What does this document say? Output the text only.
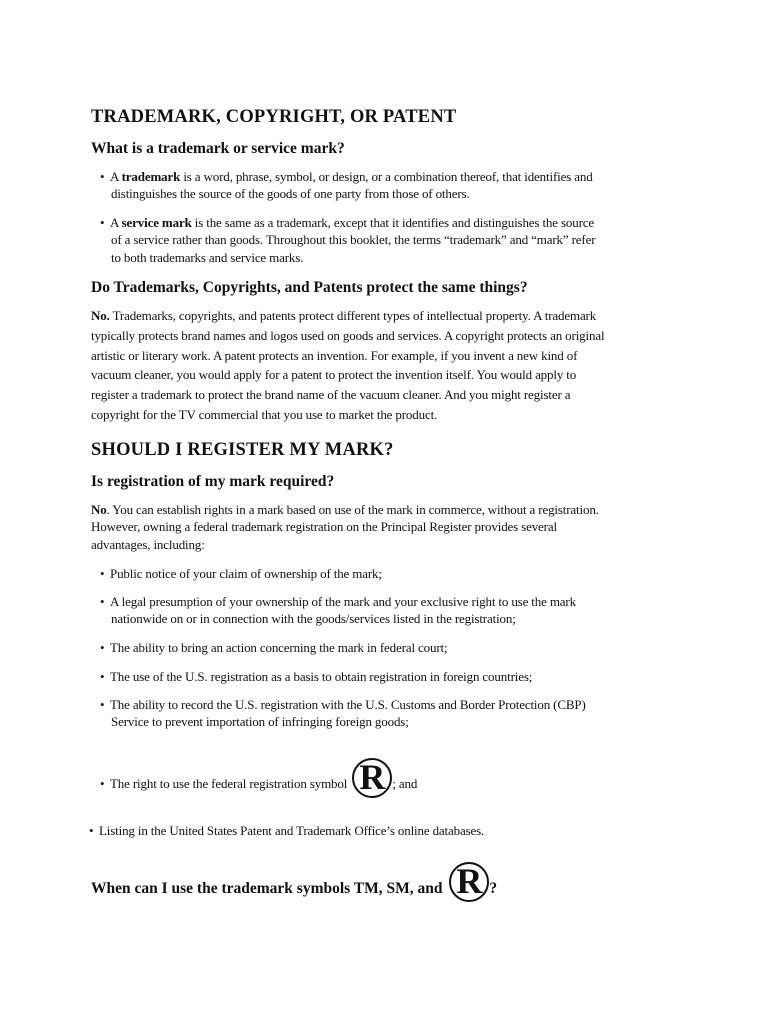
TRADEMARK, COPYRIGHT, OR PATENT
What is a trademark or service mark?
• A trademark is a word, phrase, symbol, or design, or a combination thereof, that identifies and
distinguishes the source of the goods of one party from those of others.
• A service mark is the same as a trademark, except that it identifies and distinguishes the source
of a service rather than goods. Throughout this booklet, the terms “trademark” and “mark” refer
to both trademarks and service marks.
Do Trademarks, Copyrights, and Patents protect the same things?
No. Trademarks, copyrights, and patents protect different types of intellectual property. A trademark
typically protects brand names and logos used on goods and services. A copyright protects an original
artistic or literary work. A patent protects an invention. For example, if you invent a new kind of
vacuum cleaner, you would apply for a patent to protect the invention itself. You would apply to
register a trademark to protect the brand name of the vacuum cleaner. And you might register a
copyright for the TV commercial that you use to market the product.
SHOULD I REGISTER MY MARK?
Is registration of my mark required?
No. You can establish rights in a mark based on use of the mark in commerce, without a registration.
However, owning a federal trademark registration on the Principal Register provides several
advantages, including:
• Public notice of your claim of ownership of the mark;
• A legal presumption of your ownership of the mark and your exclusive right to use the mark
nationwide on or in connection with the goods/services listed in the registration;
• The ability to bring an action concerning the mark in federal court;
• The use of the U.S. registration as a basis to obtain registration in foreign countries;
• The ability to record the U.S. registration with the U.S. Customs and Border Protection (CBP)
Service to prevent importation of infringing foreign goods;
• The right to use the federal registration symbol R ; and
• Listing in the United States Patent and Trademark Office’s online databases.
When can I use the trademark symbols TM, SM, and R ?
